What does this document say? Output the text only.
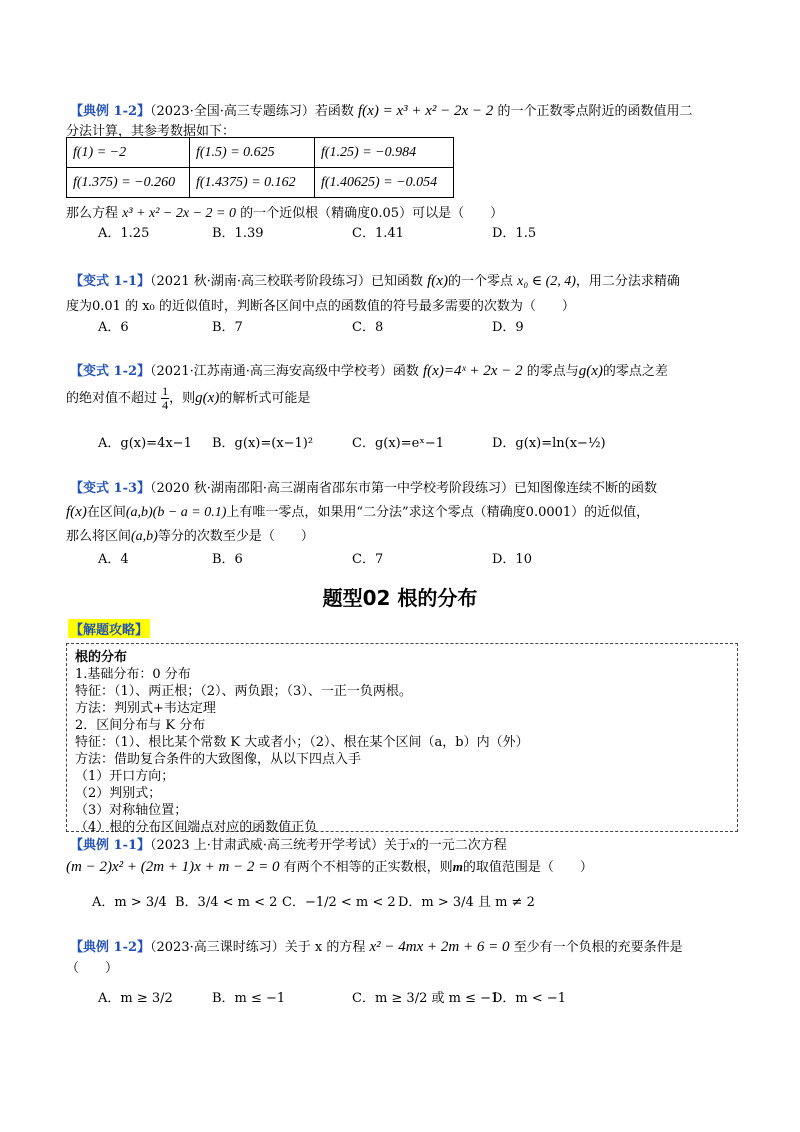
【典例 1-2】（2023·全国·高三专题练习）若函数 f(x) = x³ + x² − 2x − 2 的一个正数零点附近的函数值用二
分法计算，其参考数据如下：
f(1) = −2	f(1.5) = 0.625	f(1.25) = −0.984
f(1.375) = −0.260	f(1.4375) = 0.162	f(1.40625) = −0.054
那么方程 x³ + x² − 2x − 2 = 0 的一个近似根（精确度0.05）可以是（　　）
A．1.25	B．1.39	C．1.41	D．1.5
【变式 1-1】（2021 秋·湖南·高三校联考阶段练习）已知函数 f(x)的一个零点 x₀ ∈ (2, 4)，用二分法求精确
度为0.01 的 x₀ 的近似值时，判断各区间中点的函数值的符号最多需要的次数为（　　）
A．6	B．7	C．8	D．9
【变式 1-2】（2021·江苏南通·高三海安高级中学校考）函数 f(x)=4ˣ + 2x − 2 的零点与g(x)的零点之差
的绝对值不超过 $\frac{1}{4}$ ，则g(x)的解析式可能是
A．g(x)=4x−1 B．g(x)=(x−1)²	C．g(x)=eˣ−1	D．g(x)=ln(x−½)
【变式 1-3】（2020 秋·湖南邵阳·高三湖南省邵东市第一中学校考阶段练习）已知图像连续不断的函数
f(x)在区间(a,b)(b − a = 0.1)上有唯一零点，如果用“二分法”求这个零点（精确度0.0001）的近似值，
那么将区间(a,b)等分的次数至少是（　　）
A．4	B．6	C．7	D．10
题型02 根的分布
【解题攻略】
根的分布
1.基础分布：0 分布
特征：（1）、两正根；（2）、两负跟；（3）、一正一负两根。
方法：判别式+韦达定理
2．区间分布与 K 分布
特征：（1）、根比某个常数 K 大或者小；（2）、根在某个区间（a，b）内（外）
方法：借助复合条件的大致图像，从以下四点入手
（1）开口方向；
（2）判别式；
（3）对称轴位置；
（4）根的分布区间端点对应的函数值正负
【典例 1-1】（2023 上·甘肃武威·高三统考开学考试）关于x的一元二次方程
(m − 2)x² + (2m + 1)x + m − 2 = 0 有两个不相等的正实数根，则m的取值范围是（　　）
A．m > 3/4 B．3/4 < m < 2 C．−1/2 < m < 2 D．m > 3/4 且 m ≠ 2
【典例 1-2】（2023·高三课时练习）关于 x 的方程 x² − 4mx + 2m + 6 = 0 至少有一个负根的充要条件是
（　　）
A．m ≥ 3/2	B．m ≤ −1	C．m ≥ 3/2 或 m ≤ −1
D．m < −1
